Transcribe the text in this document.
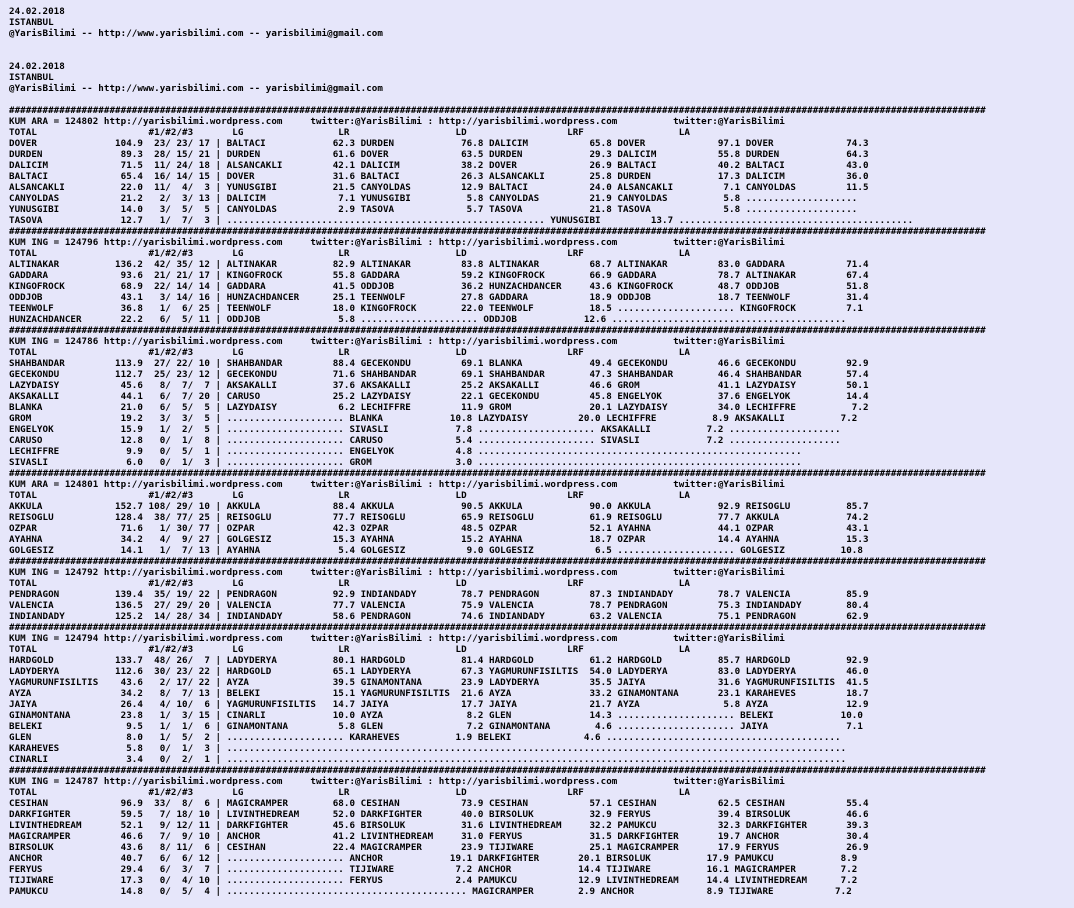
24.02.2018
ISTANBUL
@YarisBilimi -- http://www.yarisbilimi.com -- yarisbilimi@gmail.com

24.02.2018
ISTANBUL
@YarisBilimi -- http://www.yarisbilimi.com -- yarisbilimi@gmail.com

###############################################################################################################################################################################
KUM ARA = 124802 http://yarisbilimi.wordpress.com     twitter:@YarisBilimi : http://yarisbilimi.wordpress.com          twitter:@YarisBilimi
TOTAL                    #1/#2/#3       LG                 LR                   LD                  LRF                 LA
DOVER              104.9  23/ 23/ 17 | BALTACI            62.3 DURDEN            76.8 DALICIM           65.8 DOVER             97.1 DOVER             74.3
DURDEN              89.3  28/ 15/ 21 | DURDEN             61.6 DOVER             63.5 DURDEN            29.3 DALICIM           55.8 DURDEN            64.3
DALICIM             71.5  11/ 24/ 18 | ALSANCAKLI         42.1 DALICIM           38.2 DOVER             26.9 BALTACI           40.2 BALTACI           43.0
BALTACI             65.4  16/ 14/ 15 | DOVER              31.6 BALTACI           26.3 ALSANCAKLI        25.8 DURDEN            17.3 DALICIM           36.0
ALSANCAKLI          22.0  11/  4/  3 | YUNUSGIBI          21.5 CANYOLDAS         12.9 BALTACI           24.0 ALSANCAKLI         7.1 CANYOLDAS         11.5
CANYOLDAS           21.2   2/  3/ 13 | DALICIM             7.1 YUNUSGIBI          5.8 CANYOLDAS         21.9 CANYOLDAS          5.8 ....................
YUNUSGIBI           14.0   3/  5/  5 | CANYOLDAS           2.9 TASOVA             5.7 TASOVA            21.8 TASOVA             5.8 ....................
TASOVA              12.7   1/  7/  3 | ......................................................... YUNUSGIBI         13.7 ..........................................
###############################################################################################################################################################################
KUM ING = 124796 http://yarisbilimi.wordpress.com     twitter:@YarisBilimi : http://yarisbilimi.wordpress.com          twitter:@YarisBilimi
TOTAL                    #1/#2/#3       LG                 LR                   LD                  LRF                 LA
ALTINAKAR          136.2  42/ 35/ 12 | ALTINAKAR          82.9 ALTINAKAR         83.8 ALTINAKAR         68.7 ALTINAKAR         83.0 GADDARA           71.4
GADDARA             93.6  21/ 21/ 17 | KINGOFROCK         55.8 GADDARA           59.2 KINGOFROCK        66.9 GADDARA           78.7 ALTINAKAR         67.4
KINGOFROCK          68.9  22/ 14/ 14 | GADDARA            41.5 ODDJOB            36.2 HUNZACHDANCER     43.6 KINGOFROCK        48.7 ODDJOB            51.8
ODDJOB              43.1   3/ 14/ 16 | HUNZACHDANCER      25.1 TEENWOLF          27.8 GADDARA           18.9 ODDJOB            18.7 TEENWOLF          31.4
TEENWOLF            36.8   1/  6/ 25 | TEENWOLF           18.0 KINGOFROCK        22.0 TEENWOLF          18.5 ..................... KINGOFROCK         7.1
HUNZACHDANCER       22.2   6/  5/ 11 | ODDJOB              5.8 ..................... ODDJOB            12.6 ..........................................
###############################################################################################################################################################################
KUM ING = 124786 http://yarisbilimi.wordpress.com     twitter:@YarisBilimi : http://yarisbilimi.wordpress.com          twitter:@YarisBilimi
TOTAL                    #1/#2/#3       LG                 LR                   LD                  LRF                 LA
SHAHBANDAR         113.9  27/ 22/ 10 | SHAHBANDAR         88.4 GECEKONDU         69.1 BLANKA            49.4 GECEKONDU         46.6 GECEKONDU         92.9
GECEKONDU          112.7  25/ 23/ 12 | GECEKONDU          71.6 SHAHBANDAR        69.1 SHAHBANDAR        47.3 SHAHBANDAR        46.4 SHAHBANDAR        57.4
LAZYDAISY           45.6   8/  7/  7 | AKSAKALLI          37.6 AKSAKALLI         25.2 AKSAKALLI         46.6 GROM              41.1 LAZYDAISY         50.1
AKSAKALLI           44.1   6/  7/ 20 | CARUSO             25.2 LAZYDAISY         22.1 GECEKONDU         45.8 ENGELYOK          37.6 ENGELYOK          14.4
BLANKA              21.0   6/  5/  5 | LAZYDAISY           6.2 LECHIFFRE         11.9 GROM              20.1 LAZYDAISY         34.0 LECHIFFRE          7.2
GROM                19.2   3/  3/  5 | ..................... BLANKA            10.8 LAZYDAISY         20.0 LECHIFFRE          8.9 AKSAKALLI          7.2
ENGELYOK            15.9   1/  2/  5 | ..................... SIVASLI            7.8 ..................... AKSAKALLI          7.2 ....................
CARUSO              12.8   0/  1/  8 | ..................... CARUSO             5.4 ..................... SIVASLI            7.2 ....................
LECHIFFRE            9.9   0/  5/  1 | ..................... ENGELYOK           4.8 ..........................................................
SIVASLI              6.0   0/  1/  3 | ..................... GROM               3.0 ..........................................................
###############################################################################################################################################################################
KUM ARA = 124801 http://yarisbilimi.wordpress.com     twitter:@YarisBilimi : http://yarisbilimi.wordpress.com          twitter:@YarisBilimi
TOTAL                    #1/#2/#3       LG                 LR                   LD                  LRF                 LA
AKKULA             152.7 108/ 29/ 10 | AKKULA             88.4 AKKULA            90.5 AKKULA            90.0 AKKULA            92.9 REISOGLU          85.7
REISOGLU           128.4  38/ 77/ 25 | REISOGLU           77.7 REISOGLU          65.9 REISOGLU          61.9 REISOGLU          77.7 AKKULA            74.2
OZPAR               71.6   1/ 30/ 77 | OZPAR              42.3 OZPAR             48.5 OZPAR             52.1 AYAHNA            44.1 OZPAR             43.1
AYAHNA              34.2   4/  9/ 27 | GOLGESIZ           15.3 AYAHNA            15.2 AYAHNA            18.7 OZPAR             14.4 AYAHNA            15.3
GOLGESIZ            14.1   1/  7/ 13 | AYAHNA              5.4 GOLGESIZ           9.0 GOLGESIZ           6.5 ..................... GOLGESIZ          10.8
###############################################################################################################################################################################
KUM ING = 124792 http://yarisbilimi.wordpress.com     twitter:@YarisBilimi : http://yarisbilimi.wordpress.com          twitter:@YarisBilimi
TOTAL                    #1/#2/#3       LG                 LR                   LD                  LRF                 LA
PENDRAGON          139.4  35/ 19/ 22 | PENDRAGON          92.9 INDIANDADY        78.7 PENDRAGON         87.3 INDIANDADY        78.7 VALENCIA          85.9
VALENCIA           136.5  27/ 29/ 20 | VALENCIA           77.7 VALENCIA          75.9 VALENCIA          78.7 PENDRAGON         75.3 INDIANDADY        80.4
INDIANDADY         125.2  14/ 28/ 34 | INDIANDADY         58.6 PENDRAGON         74.6 INDIANDADY        63.2 VALENCIA          75.1 PENDRAGON         62.9
###############################################################################################################################################################################
KUM ING = 124794 http://yarisbilimi.wordpress.com     twitter:@YarisBilimi : http://yarisbilimi.wordpress.com          twitter:@YarisBilimi
TOTAL                    #1/#2/#3       LG                 LR                   LD                  LRF                 LA
HARDGOLD           133.7  48/ 26/  7 | LADYDERYA          80.1 HARDGOLD          81.4 HARDGOLD          61.2 HARDGOLD          85.7 HARDGOLD          92.9
LADYDERYA          112.6  30/ 23/ 22 | HARDGOLD           65.1 LADYDERYA         67.3 YAGMURUNFISILTIS  54.0 LADYDERYA         83.0 LADYDERYA         46.0
YAGMURUNFISILTIS    43.6   2/ 17/ 22 | AYZA               39.5 GINAMONTANA       23.9 LADYDERYA         35.5 JAIYA             31.6 YAGMURUNFISILTIS  41.5
AYZA                34.2   8/  7/ 13 | BELEKI             15.1 YAGMURUNFISILTIS  21.6 AYZA              33.2 GINAMONTANA       23.1 KARAHEVES         18.7
JAIYA               26.4   4/ 10/  6 | YAGMURUNFISILTIS   14.7 JAIYA             17.7 JAIYA             21.7 AYZA               5.8 AYZA              12.9
GINAMONTANA         23.8   1/  3/ 15 | CINARLI            10.0 AYZA               8.2 GLEN              14.3 ..................... BELEKI            10.0
BELEKI               9.5   1/  1/  6 | GINAMONTANA         5.8 GLEN               7.2 GINAMONTANA        4.6 ..................... JAIYA              7.1
GLEN                 8.0   1/  5/  2 | ..................... KARAHEVES          1.9 BELEKI             4.6 ..........................................
KARAHEVES            5.8   0/  1/  3 | ...............................................................................................................
CINARLI              3.4   0/  2/  1 | ...............................................................................................................
###############################################################################################################################################################################
KUM ING = 124787 http://yarisbilimi.wordpress.com     twitter:@YarisBilimi : http://yarisbilimi.wordpress.com          twitter:@YarisBilimi
TOTAL                    #1/#2/#3       LG                 LR                   LD                  LRF                 LA
CESIHAN             96.9  33/  8/  6 | MAGICRAMPER        68.0 CESIHAN           73.9 CESIHAN           57.1 CESIHAN           62.5 CESIHAN           55.4
DARKFIGHTER         59.5   7/ 18/ 10 | LIVINTHEDREAM      52.0 DARKFIGHTER       40.0 BIRSOLUK          32.9 FERYUS            39.4 BIRSOLUK          46.6
LIVINTHEDREAM       52.1   9/ 12/ 11 | DARKFIGHTER        45.6 BIRSOLUK          31.6 LIVINTHEDREAM     32.2 PAMUKCU           32.3 DARKFIGHTER       39.3
MAGICRAMPER         46.6   7/  9/ 10 | ANCHOR             41.2 LIVINTHEDREAM     31.0 FERYUS            31.5 DARKFIGHTER       19.7 ANCHOR            30.4
BIRSOLUK            43.6   8/ 11/  6 | CESIHAN            22.4 MAGICRAMPER       23.9 TIJIWARE          25.1 MAGICRAMPER       17.9 FERYUS            26.9
ANCHOR              40.7   6/  6/ 12 | ..................... ANCHOR            19.1 DARKFIGHTER       20.1 BIRSOLUK          17.9 PAMUKCU            8.9
FERYUS              29.4   6/  3/  7 | ..................... TIJIWARE           7.2 ANCHOR            14.4 TIJIWARE          16.1 MAGICRAMPER        7.2
TIJIWARE            17.3   0/  4/ 10 | ..................... FERYUS             2.4 PAMUKCU           12.9 LIVINTHEDREAM     14.4 LIVINTHEDREAM      7.2
PAMUKCU             14.8   0/  5/  4 | ........................................... MAGICRAMPER        2.9 ANCHOR             8.9 TIJIWARE           7.2
